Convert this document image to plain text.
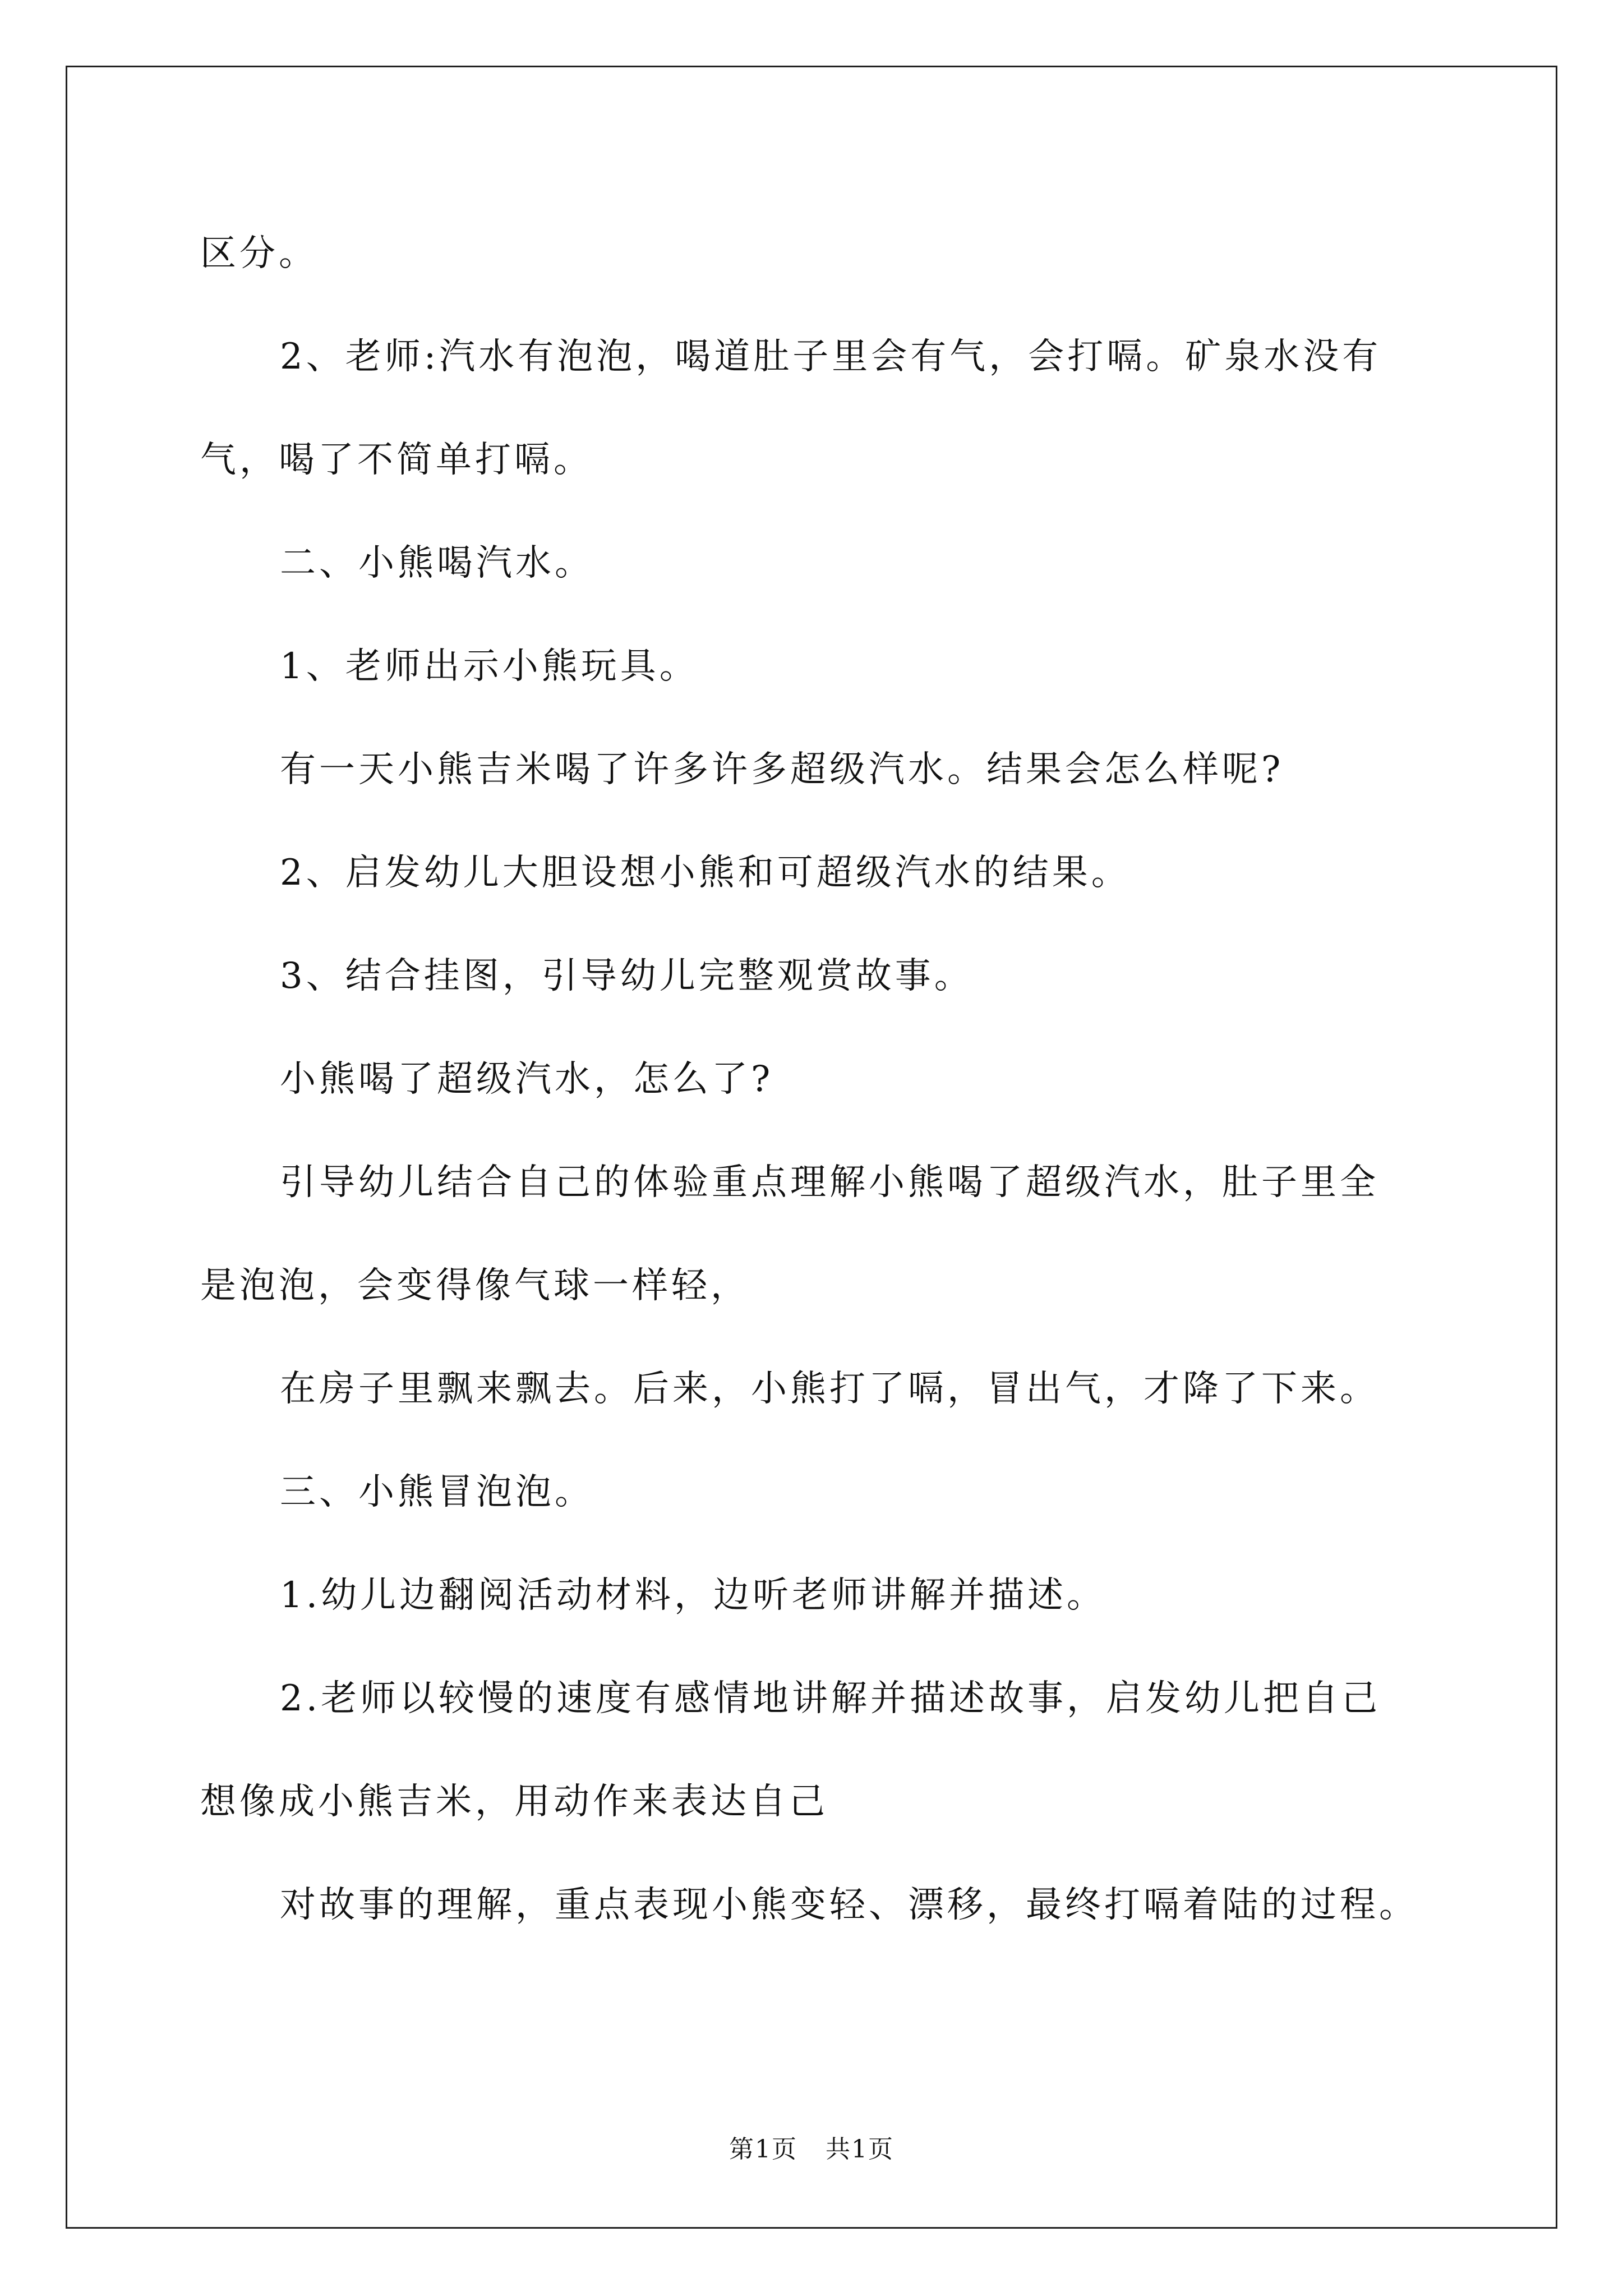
区分。

2、老师:汽水有泡泡，喝道肚子里会有气，会打嗝。矿泉水没有

气，喝了不简单打嗝。

二、小熊喝汽水。

1、老师出示小熊玩具。

有一天小熊吉米喝了许多许多超级汽水。结果会怎么样呢?

2、启发幼儿大胆设想小熊和可超级汽水的结果。

3、结合挂图，引导幼儿完整观赏故事。

小熊喝了超级汽水，怎么了?

引导幼儿结合自己的体验重点理解小熊喝了超级汽水，肚子里全

是泡泡，会变得像气球一样轻，

在房子里飘来飘去。后来，小熊打了嗝，冒出气，才降了下来。

三、小熊冒泡泡。

1.幼儿边翻阅活动材料，边听老师讲解并描述。

2.老师以较慢的速度有感情地讲解并描述故事，启发幼儿把自己

想像成小熊吉米，用动作来表达自己

对故事的理解，重点表现小熊变轻、漂移，最终打嗝着陆的过程。

第1页 共1页
